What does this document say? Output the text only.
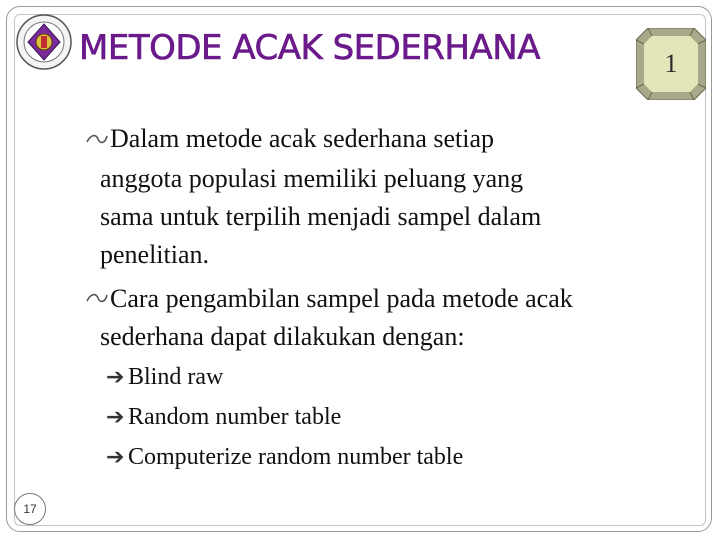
METODE ACAK SEDERHANA	1
Dalam metode acak sederhana setiap
anggota populasi memiliki peluang yang
sama untuk terpilih menjadi sampel dalam
penelitian.
Cara pengambilan sampel pada metode acak
sederhana dapat dilakukan dengan:
➔ Blind raw
➔ Random number table
➔ Computerize random number table
17
